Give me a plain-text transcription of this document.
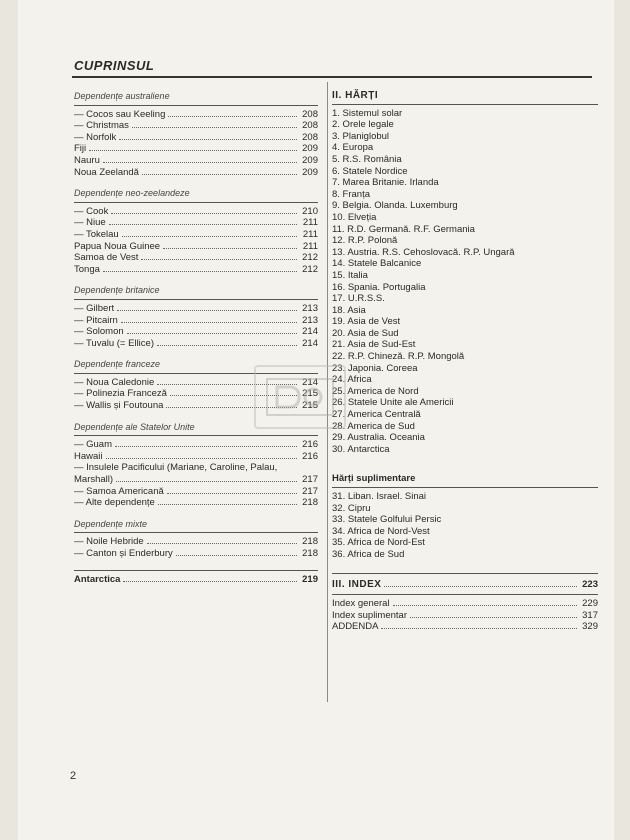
CUPRINSUL
Dependențe australiene
— Cocos sau Keeling	208
— Christmas	208
— Norfolk	208
Fiji	209
Nauru	209
Noua Zeelandă	209
Dependențe neo-zeelandeze
— Cook	210
— Niue	211
— Tokelau	211
Papua Noua Guinee	211
Samoa de Vest	212
Tonga	212
Dependențe britanice
— Gilbert	213
— Pitcairn	213
— Solomon	214
— Tuvalu (= Ellice)	214
Dependențe franceze
— Noua Caledonie	214
— Polinezia Franceză	215
— Wallis și Foutouna	215
Dependențe ale Statelor Unite
— Guam	216
Hawaii	216
— Insulele Pacificului (Mariane, Caroline, Palau,
Marshall)	217
— Samoa Americană	217
— Alte dependențe	218
Dependențe mixte
— Noile Hebride	218
— Canton și Enderbury	218
Antarctica	219
II. HĂRȚI
1. Sistemul solar
2. Orele legale
3. Planiglobul
4. Europa
5. R.S. România
6. Statele Nordice
7. Marea Britanie. Irlanda
8. Franța
9. Belgia. Olanda. Luxemburg
10. Elveția
11. R.D. Germană. R.F. Germania
12. R.P. Polonă
13. Austria. R.S. Cehoslovacă. R.P. Ungară
14. Statele Balcanice
15. Italia
16. Spania. Portugalia
17. U.R.S.S.
18. Asia
19. Asia de Vest
20. Asia de Sud
21. Asia de Sud-Est
22. R.P. Chineză. R.P. Mongolă
23. Japonia. Coreea
24. Africa
25. America de Nord
26. Statele Unite ale Americii
27. America Centrală
28. America de Sud
29. Australia. Oceania
30. Antarctica
Hărți suplimentare
31. Liban. Israel. Sinai
32. Cipru
33. Statele Golfului Persic
34. Africa de Nord-Vest
35. Africa de Nord-Est
36. Africa de Sud
III. INDEX	223
Index general	229
Index suplimentar	317
ADDENDA	329
2
